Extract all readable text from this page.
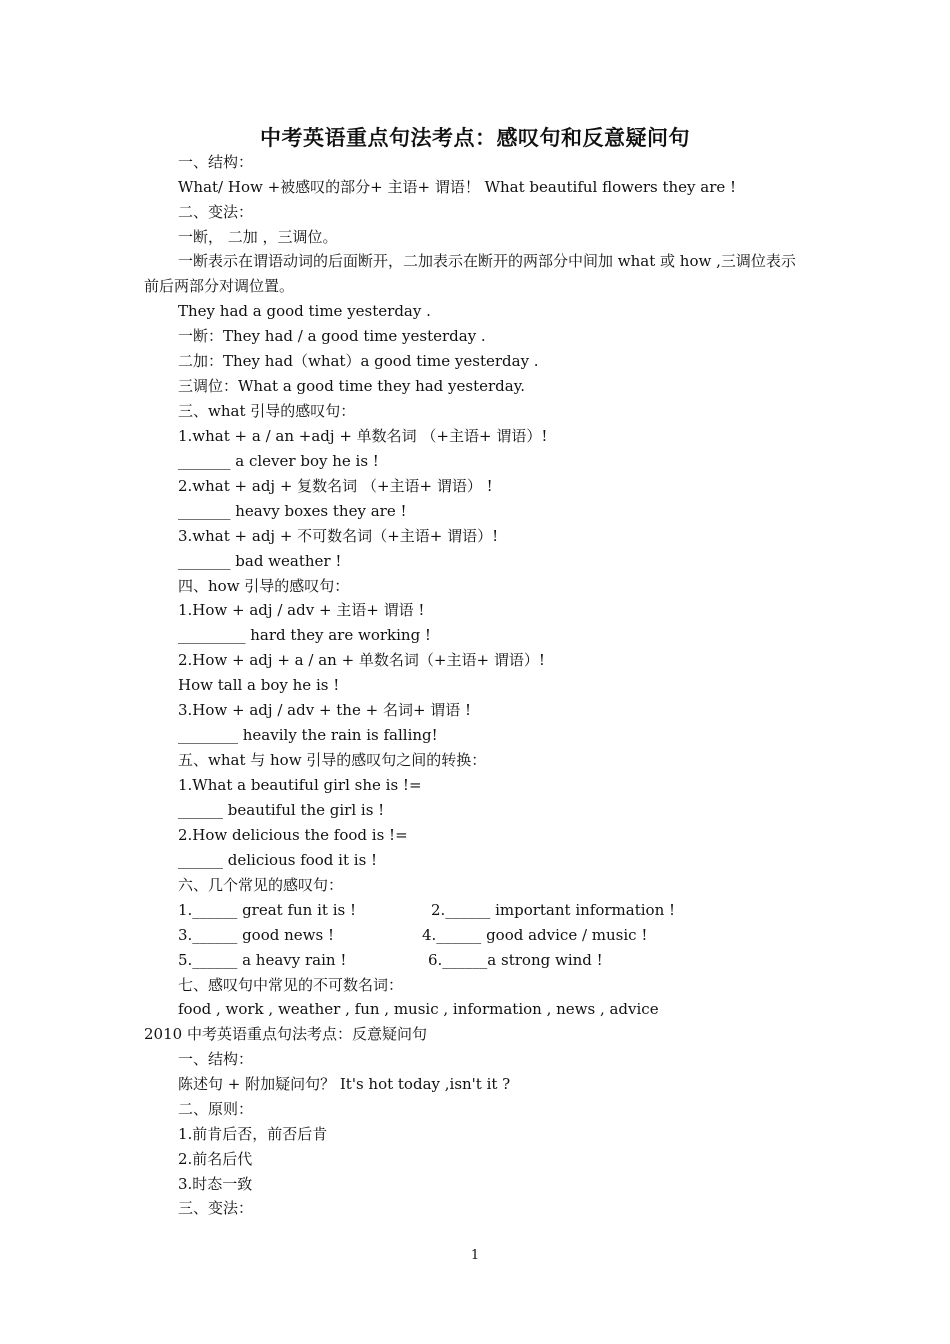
中考英语重点句法考点：感叹句和反意疑问句
一、结构：
What/ How +被感叹的部分+ 主语+ 谓语！ What beautiful flowers they are !
二、变法：
一断， 二加 ，三调位。
一断表示在谓语动词的后面断开，二加表示在断开的两部分中间加 what 或 how ,三调位表示前后两部分对调位置。
They had a good time yesterday .
一断：They had / a good time yesterday .
二加：They had（what）a good time yesterday .
三调位：What a good time they had yesterday.
三、what 引导的感叹句：
1.what + a / an +adj + 单数名词 （+主语+ 谓语）!
_______ a clever boy he is !
2.what + adj + 复数名词 （+主语+ 谓语） !
_______ heavy boxes they are !
3.what + adj + 不可数名词（+主语+ 谓语）!
_______ bad weather !
四、how 引导的感叹句：
1.How + adj / adv + 主语+ 谓语 !
_________ hard they are working !
2.How + adj + a / an + 单数名词（+主语+ 谓语）!
How tall a boy he is !
3.How + adj / adv + the + 名词+ 谓语 !
________ heavily the rain is falling!
五、what 与 how 引导的感叹句之间的转换：
1.What a beautiful girl she is !=
______ beautiful the girl is !
2.How delicious the food is !=
______ delicious food it is !
六、几个常见的感叹句：
1.______ great fun it is !	2.______ important information !
3.______ good news !	4.______ good advice / music !
5.______ a heavy rain !	6.______a strong wind !
七、感叹句中常见的不可数名词：
food , work , weather , fun , music , information , news , advice
2010 中考英语重点句法考点：反意疑问句
一、结构：
陈述句 + 附加疑问句？ It's hot today ,isn't it ?
二、原则：
1.前肯后否，前否后肯
2.前名后代
3.时态一致
三、变法：
1
